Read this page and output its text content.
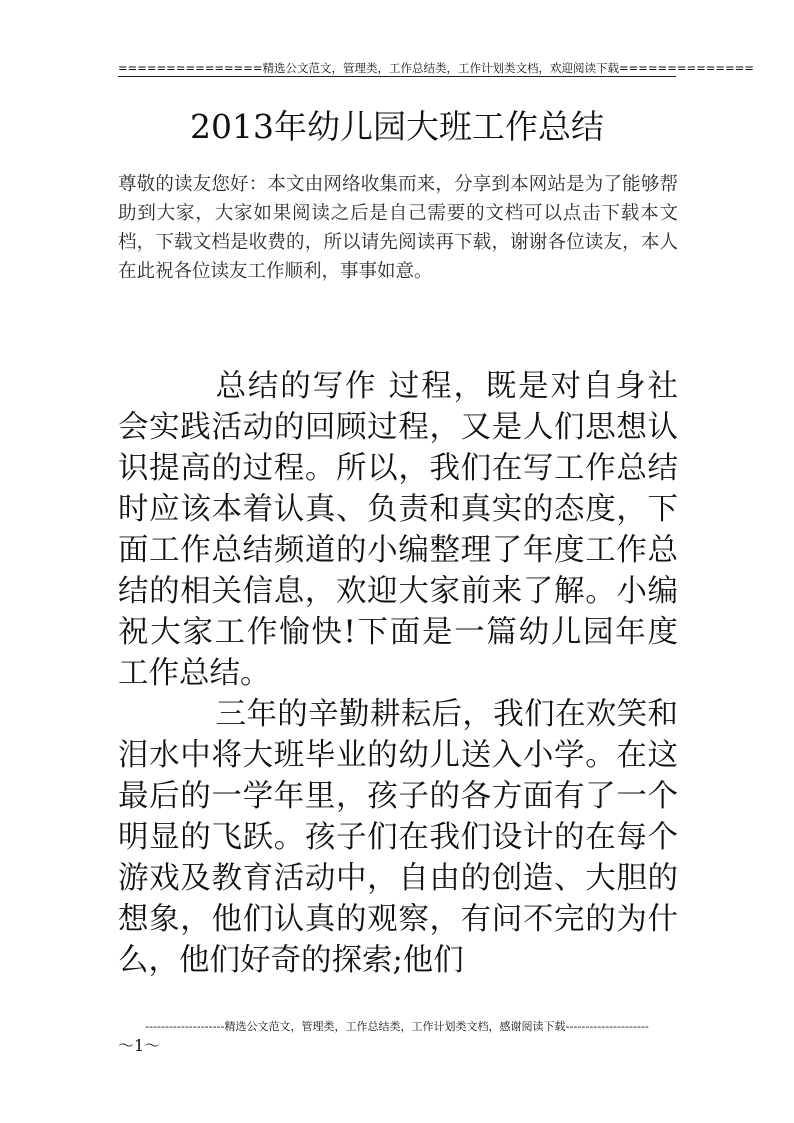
===============精选公文范文，管理类，工作总结类，工作计划类文档，欢迎阅读下载==============
2013年幼儿园大班工作总结
尊敬的读友您好：本文由网络收集而来，分享到本网站是为了能够帮助到大家，大家如果阅读之后是自己需要的文档可以点击下载本文档，下载文档是收费的，所以请先阅读再下载，谢谢各位读友，本人在此祝各位读友工作顺利，事事如意。

总结的写作 过程，既是对自身社会实践活动的回顾过程，又是人们思想认识提高的过程。所以，我们在写工作总结时应该本着认真、负责和真实的态度，下面工作总结频道的小编整理了年度工作总结的相关信息，欢迎大家前来了解。小编祝大家工作愉快!下面是一篇幼儿园年度工作总结。

三年的辛勤耕耘后，我们在欢笑和泪水中将大班毕业的幼儿送入小学。在这最后的一学年里，孩子的各方面有了一个明显的飞跃。孩子们在我们设计的在每个游戏及教育活动中，自由的创造、大胆的想象，他们认真的观察，有问不完的为什么，他们好奇的探索;他们

--------------------精选公文范文，管理类，工作总结类，工作计划类文档，感谢阅读下载---------------------
～1～
